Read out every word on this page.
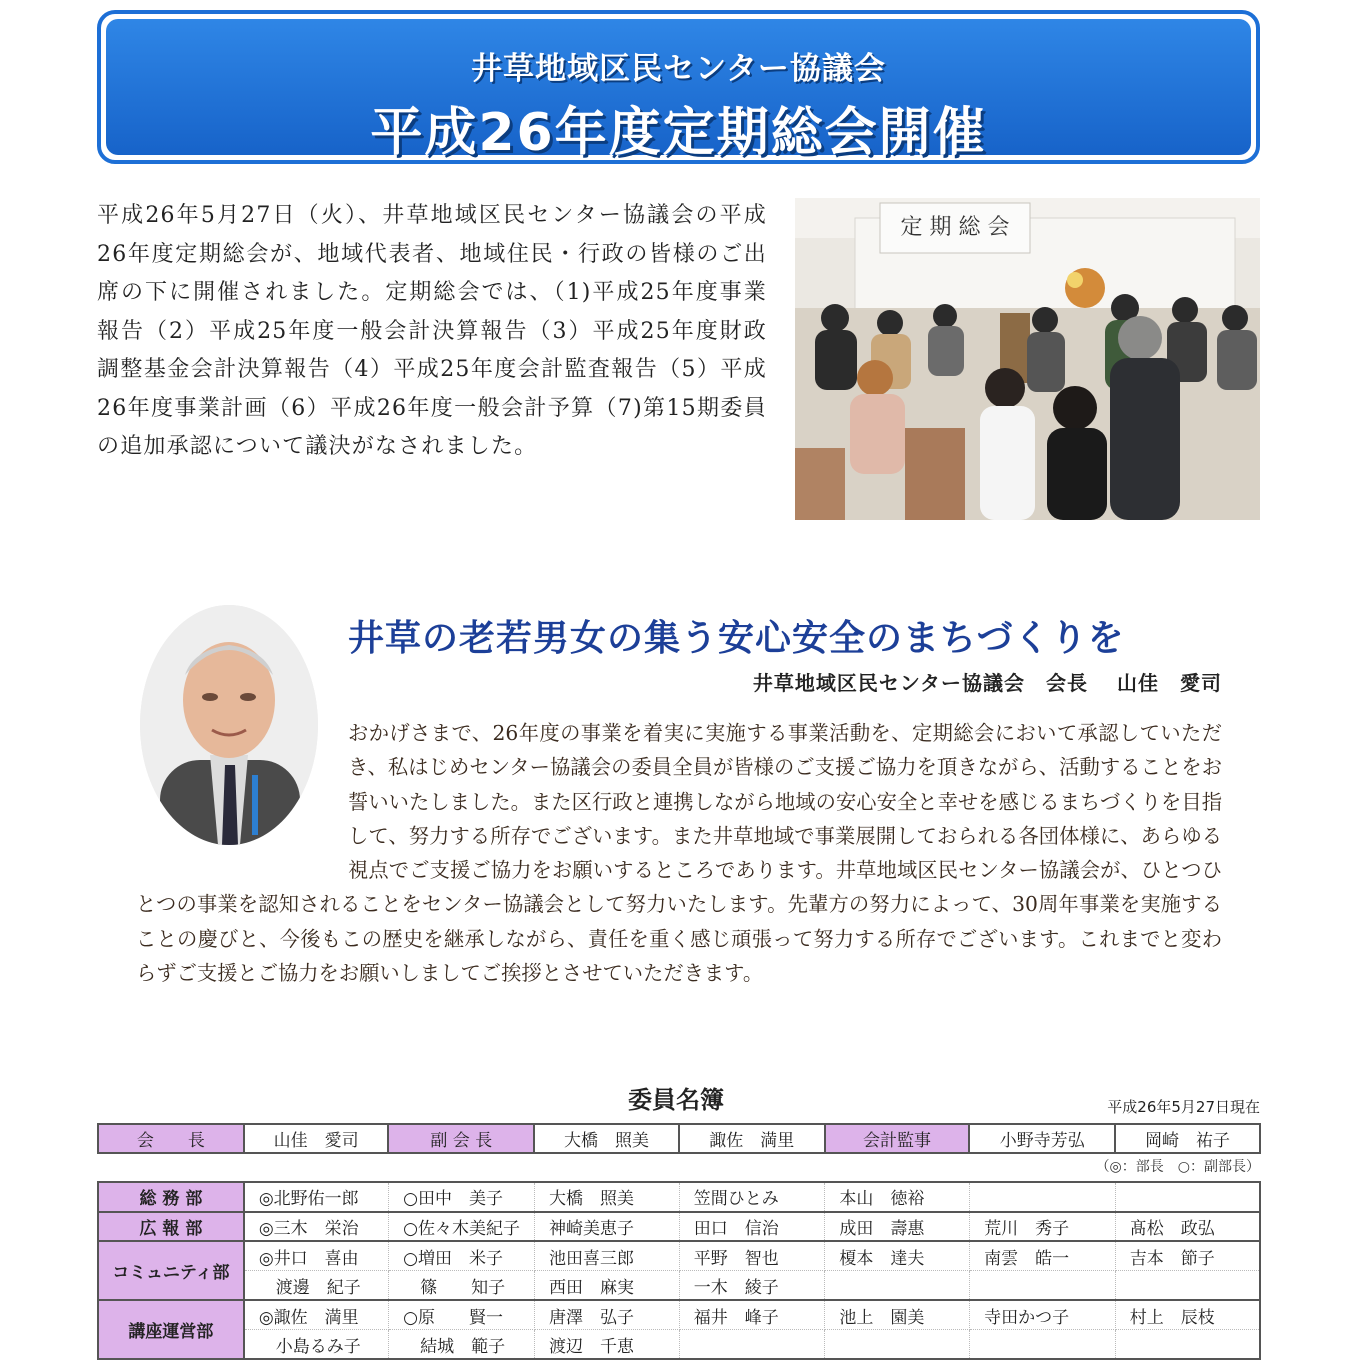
井草地域区民センター協議会
平成26年度定期総会開催

平成26年5月27日（火）、井草地域区民センター協議会の平成26年度定期総会が、地域代表者、地域住民・行政の皆様のご出席の下に開催されました。定期総会では、（1)平成25年度事業報告（2）平成25年度一般会計決算報告（3）平成25年度財政調整基金会計決算報告（4）平成25年度会計監査報告（5）平成26年度事業計画（6）平成26年度一般会計予算（7)第15期委員の追加承認について議決がなされました。

定 期 総 会
井草の老若男女の集う安心安全のまちづくりを
井草地域区民センター協議会　会長　 山佳　愛司
おかげさまで、26年度の事業を着実に実施する事業活動を、定期総会において承認していただき、私はじめセンター協議会の委員全員が皆様のご支援ご協力を頂きながら、活動することをお誓いいたしました。また区行政と連携しながら地域の安心安全と幸せを感じるまちづくりを目指して、努力する所存でございます。また井草地域で事業展開しておられる各団体様に、あらゆる視点でご支援ご協力をお願いするところであります。井草地域区民センター協議会が、ひとつひとつの事業を認知されることをセンター協議会として努力いたします。先輩方の努力によって、30周年事業を実施することの慶びと、今後もこの歴史を継承しながら、責任を重く感じ頑張って努力する所存でございます。これまでと変わらずご支援とご協力をお願いしましてご挨拶とさせていただきます。
委員名簿	平成26年5月27日現在
会　　長	山佳　愛司	副 会 長	大橋　照美	諏佐　満里	会計監事	小野寺芳弘	岡崎　祐子
（◎：部長　○：副部長）
総 務 部	◎北野佑一郎	○田中　美子	大橋　照美	笠間ひとみ	本山　徳裕		
広 報 部	◎三木　栄治	○佐々木美紀子	神崎美恵子	田口　信治	成田　壽惠	荒川　秀子	髙松　政弘
コミュニティ部	◎井口　喜由	○増田　米子	池田喜三郎	平野　智也	榎本　達夫	南雲　皓一	吉本　節子
	　渡邊　紀子	　篠　　知子	西田　麻実	一木　綾子			
講座運営部	◎諏佐　満里	○原　　賢一	唐澤　弘子	福井　峰子	池上　園美	寺田かつ子	村上　辰枝
	　小島るみ子	　結城　範子	渡辺　千恵				
